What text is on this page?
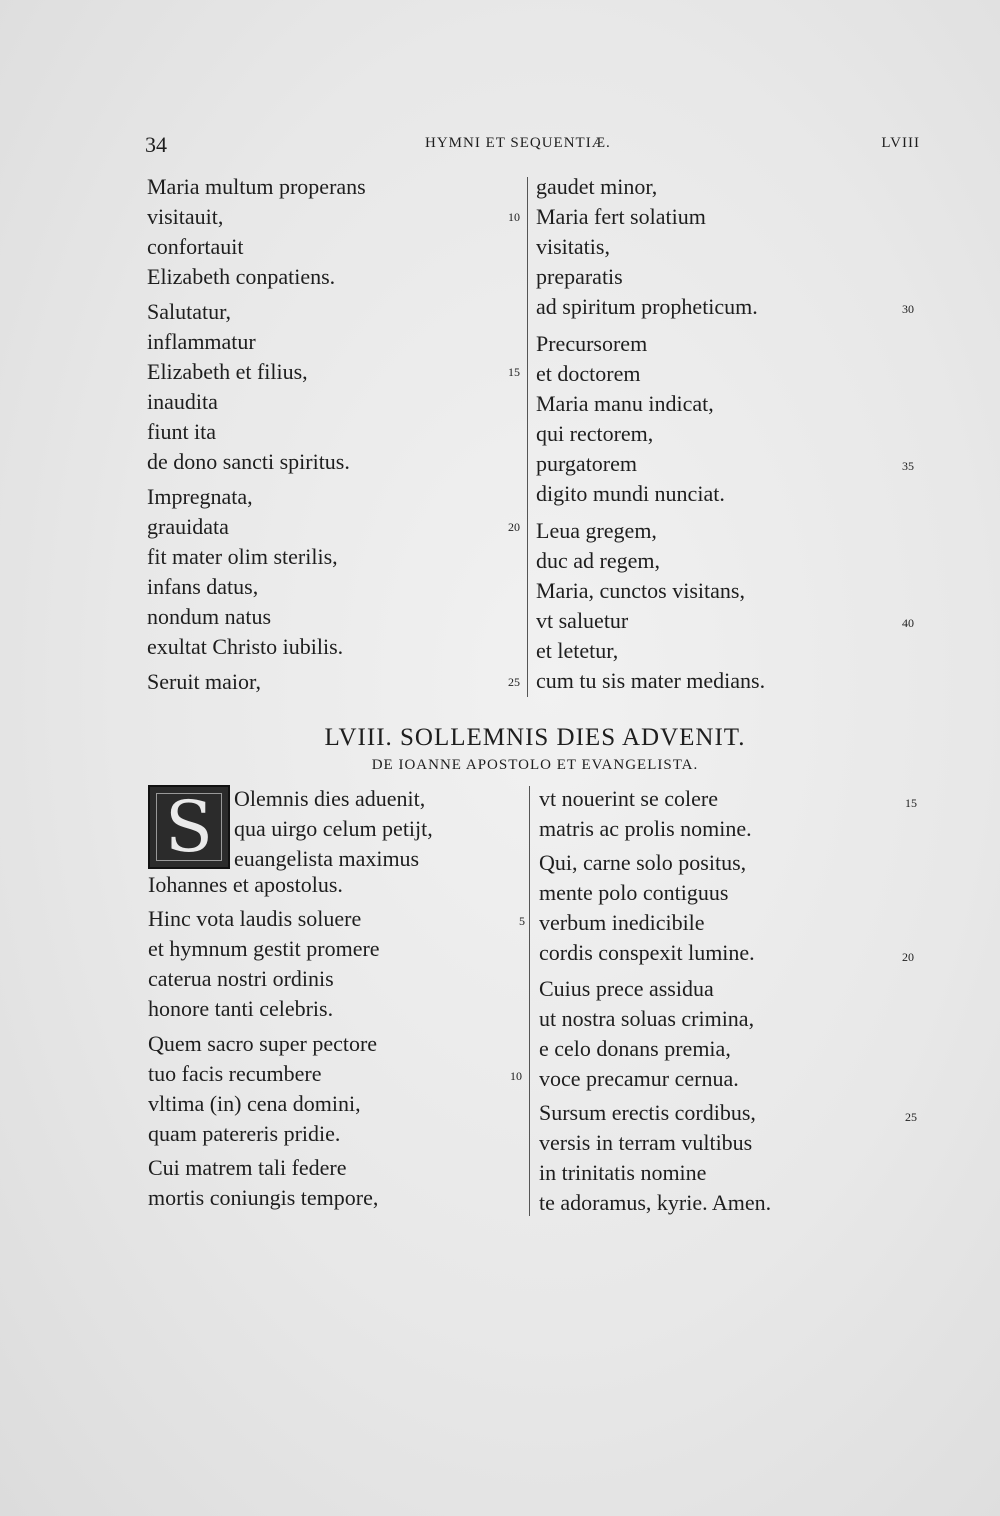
34	HYMNI ET SEQUENTIÆ.	LVIII
Maria multum properans
visitauit,
confortauit
Elizabeth conpatiens.
Salutatur,
inflammatur
Elizabeth et filius,
inaudita
fiunt ita
de dono sancti spiritus.
Impregnata,
grauidata
fit mater olim sterilis,
infans datus,
nondum natus
exultat Christo iubilis.
Seruit maior,
10
15
20
25
gaudet minor,
Maria fert solatium
visitatis,
preparatis
ad spiritum propheticum.
Precursorem
et doctorem
Maria manu indicat,
qui rectorem,
purgatorem
digito mundi nunciat.
Leua gregem,
duc ad regem,
Maria, cunctos visitans,
vt saluetur
et letetur,
cum tu sis mater medians.
30
35
40
LVIII. SOLLEMNIS DIES ADVENIT.
DE IOANNE APOSTOLO ET EVANGELISTA.
S Olemnis dies aduenit,
qua uirgo celum petijt,
euangelista maximus
Iohannes et apostolus.
Hinc vota laudis soluere
et hymnum gestit promere
caterua nostri ordinis
honore tanti celebris.
Quem sacro super pectore
tuo facis recumbere
vltima (in) cena domini,
quam patereris pridie.
Cui matrem tali federe
mortis coniungis tempore,
5
10
vt nouerint se colere
matris ac prolis nomine.
Qui, carne solo positus,
mente polo contiguus
verbum inedicibile
cordis conspexit lumine.
Cuius prece assidua
ut nostra soluas crimina,
e celo donans premia,
voce precamur cernua.
Sursum erectis cordibus,
versis in terram vultibus
in trinitatis nomine
te adoramus, kyrie. Amen.
15
20
25
